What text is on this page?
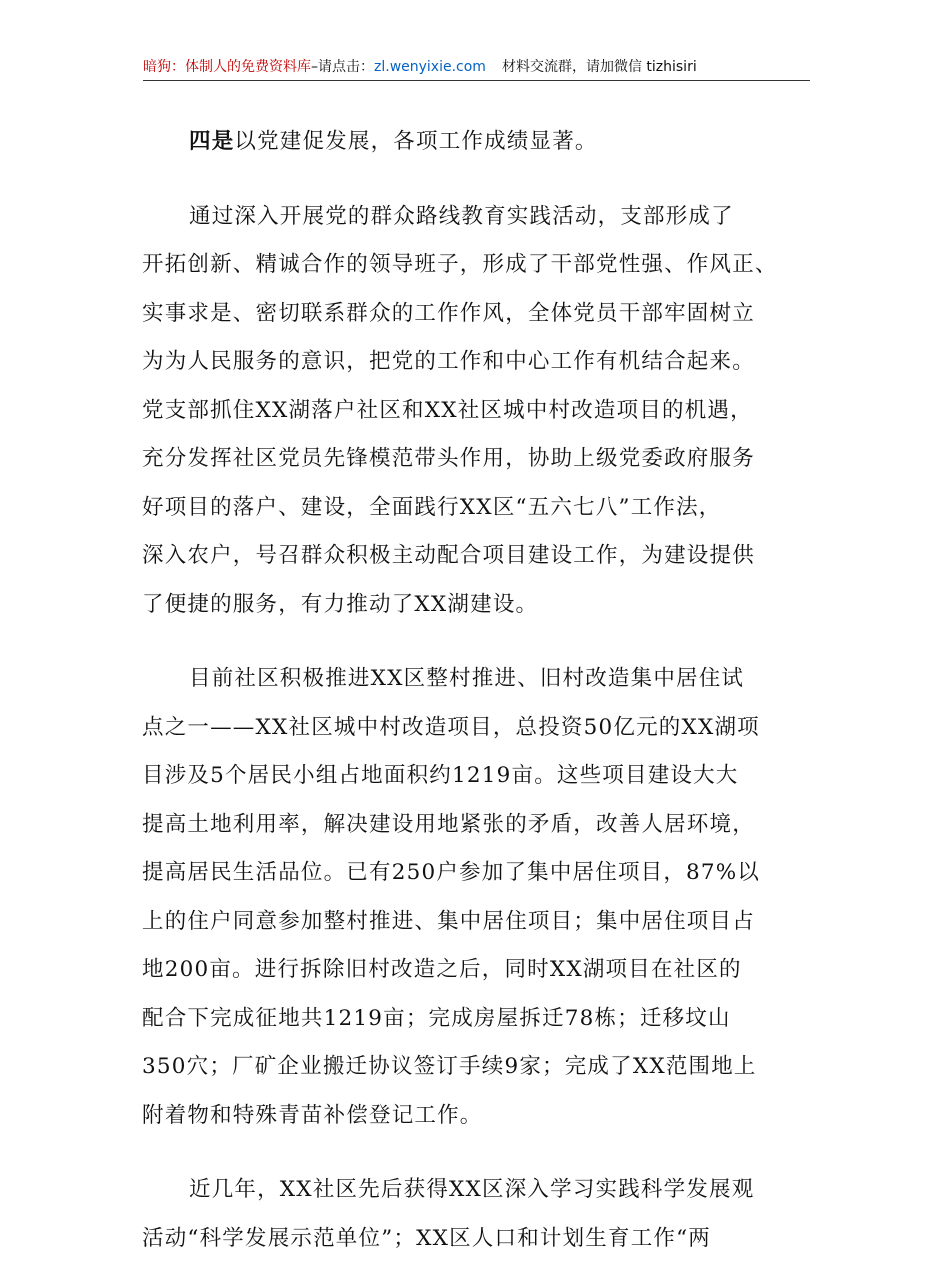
暗狗：体制人的免费资料库–请点击：zl.wenyixie.com 材料交流群，请加微信 tizhisiri
四是以党建促发展，各项工作成绩显著。
通过深入开展党的群众路线教育实践活动，支部形成了
开拓创新、精诚合作的领导班子，形成了干部党性强、作风正、
实事求是、密切联系群众的工作作风，全体党员干部牢固树立
为为人民服务的意识，把党的工作和中心工作有机结合起来。
党支部抓住XX湖落户社区和XX社区城中村改造项目的机遇，
充分发挥社区党员先锋模范带头作用，协助上级党委政府服务
好项目的落户、建设，全面践行XX区“五六七八”工作法，
深入农户，号召群众积极主动配合项目建设工作，为建设提供
了便捷的服务，有力推动了XX湖建设。
目前社区积极推进XX区整村推进、旧村改造集中居住试
点之一——XX社区城中村改造项目，总投资50亿元的XX湖项
目涉及5个居民小组占地面积约1219亩。这些项目建设大大
提高土地利用率，解决建设用地紧张的矛盾，改善人居环境，
提高居民生活品位。已有250户参加了集中居住项目，87%以
上的住户同意参加整村推进、集中居住项目；集中居住项目占
地200亩。进行拆除旧村改造之后，同时XX湖项目在社区的
配合下完成征地共1219亩；完成房屋拆迁78栋；迁移坟山
350穴；厂矿企业搬迁协议签订手续9家；完成了XX范围地上
附着物和特殊青苗补偿登记工作。
近几年，XX社区先后获得XX区深入学习实践科学发展观
活动“科学发展示范单位”；XX区人口和计划生育工作“两
